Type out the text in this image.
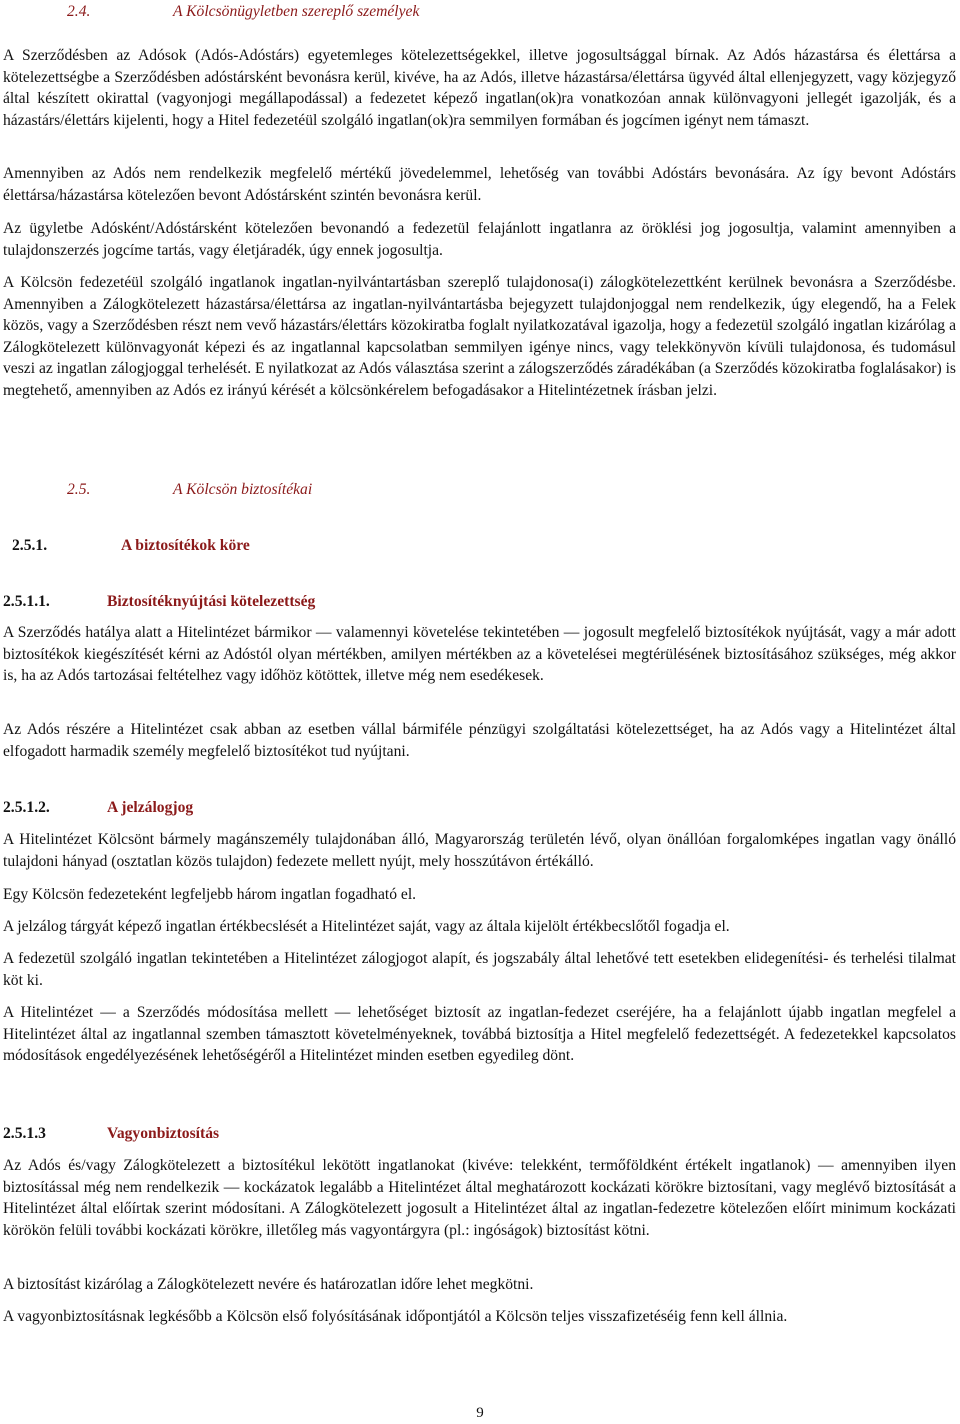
2.4.	A Kölcsönügyletben szereplő személyek

A Szerződésben az Adósok (Adós-Adóstárs) egyetemleges kötelezettségekkel, illetve jogosultsággal bírnak. Az Adós házastársa és élettársa a kötelezettségbe a Szerződésben adóstársként bevonásra kerül, kivéve, ha az Adós, illetve házastársa/élettársa ügyvéd által ellenjegyzett, vagy közjegyző által készített okirattal (vagyonjogi megállapodással) a fedezetet képező ingatlan(ok)ra vonatkozóan annak különvagyoni jellegét igazolják, és a házastárs/élettárs kijelenti, hogy a Hitel fedezetéül szolgáló ingatlan(ok)ra semmilyen formában és jogcímen igényt nem támaszt.

Amennyiben az Adós nem rendelkezik megfelelő mértékű jövedelemmel, lehetőség van további Adóstárs bevonására. Az így bevont Adóstárs élettársa/házastársa kötelezően bevont Adóstársként szintén bevonásra kerül.

Az ügyletbe Adósként/Adóstársként kötelezően bevonandó a fedezetül felajánlott ingatlanra az öröklési jog jogosultja, valamint amennyiben a tulajdonszerzés jogcíme tartás, vagy életjáradék, úgy ennek jogosultja.

A Kölcsön fedezetéül szolgáló ingatlanok ingatlan-nyilvántartásban szereplő tulajdonosa(i) zálogkötelezettként kerülnek bevonásra a Szerződésbe. Amennyiben a Zálogkötelezett házastársa/élettársa az ingatlan-nyilvántartásba bejegyzett tulajdonjoggal nem rendelkezik, úgy elegendő, ha a Felek közös, vagy a Szerződésben részt nem vevő házastárs/élettárs közokiratba foglalt nyilatkozatával igazolja, hogy a fedezetül szolgáló ingatlan kizárólag a Zálogkötelezett különvagyonát képezi és az ingatlannal kapcsolatban semmilyen igénye nincs, vagy telekkönyvön kívüli tulajdonosa, és tudomásul veszi az ingatlan zálogjoggal terhelését. E nyilatkozat az Adós választása szerint a zálogszerződés záradékában (a Szerződés közokiratba foglalásakor) is megtehető, amennyiben az Adós ez irányú kérését a kölcsönkérelem befogadásakor a Hitelintézetnek írásban jelzi.

2.5.	A Kölcsön biztosítékai
2.5.1.	A biztosítékok köre
2.5.1.1.	Biztosítéknyújtási kötelezettség

A Szerződés hatálya alatt a Hitelintézet bármikor — valamennyi követelése tekintetében — jogosult megfelelő biztosítékok nyújtását, vagy a már adott biztosítékok kiegészítését kérni az Adóstól olyan mértékben, amilyen mértékben az a követelései megtérülésének biztosításához szükséges, még akkor is, ha az Adós tartozásai feltételhez vagy időhöz kötöttek, illetve még nem esedékesek.

Az Adós részére a Hitelintézet csak abban az esetben vállal bármiféle pénzügyi szolgáltatási kötelezettséget, ha az Adós vagy a Hitelintézet által elfogadott harmadik személy megfelelő biztosítékot tud nyújtani.

2.5.1.2.	A jelzálogjog

A Hitelintézet Kölcsönt bármely magánszemély tulajdonában álló, Magyarország területén lévő, olyan önállóan forgalomképes ingatlan vagy önálló tulajdoni hányad (osztatlan közös tulajdon) fedezete mellett nyújt, mely hosszútávon értékálló.

Egy Kölcsön fedezeteként legfeljebb három ingatlan fogadható el.

A jelzálog tárgyát képező ingatlan értékbecslését a Hitelintézet saját, vagy az általa kijelölt értékbecslőtől fogadja el.

A fedezetül szolgáló ingatlan tekintetében a Hitelintézet zálogjogot alapít, és jogszabály által lehetővé tett esetekben elidegenítési- és terhelési tilalmat köt ki.

A Hitelintézet — a Szerződés módosítása mellett — lehetőséget biztosít az ingatlan-fedezet cseréjére, ha a felajánlott újabb ingatlan megfelel a Hitelintézet által az ingatlannal szemben támasztott követelményeknek, továbbá biztosítja a Hitel megfelelő fedezettségét. A fedezetekkel kapcsolatos módosítások engedélyezésének lehetőségéről a Hitelintézet minden esetben egyedileg dönt.

2.5.1.3	Vagyonbiztosítás

Az Adós és/vagy Zálogkötelezett a biztosítékul lekötött ingatlanokat (kivéve: telekként, termőföldként értékelt ingatlanok) — amennyiben ilyen biztosítással még nem rendelkezik — kockázatok legalább a Hitelintézet által meghatározott kockázati körökre biztosítani, vagy meglévő biztosítását a Hitelintézet által előírtak szerint módosítani. A Zálogkötelezett jogosult a Hitelintézet által az ingatlan-fedezetre kötelezően előírt minimum kockázati körökön felüli további kockázati körökre, illetőleg más vagyontárgyra (pl.: ingóságok) biztosítást kötni.

A biztosítást kizárólag a Zálogkötelezett nevére és határozatlan időre lehet megkötni.

A vagyonbiztosításnak legkésőbb a Kölcsön első folyósításának időpontjától a Kölcsön teljes visszafizetéséig fenn kell állnia.

9
